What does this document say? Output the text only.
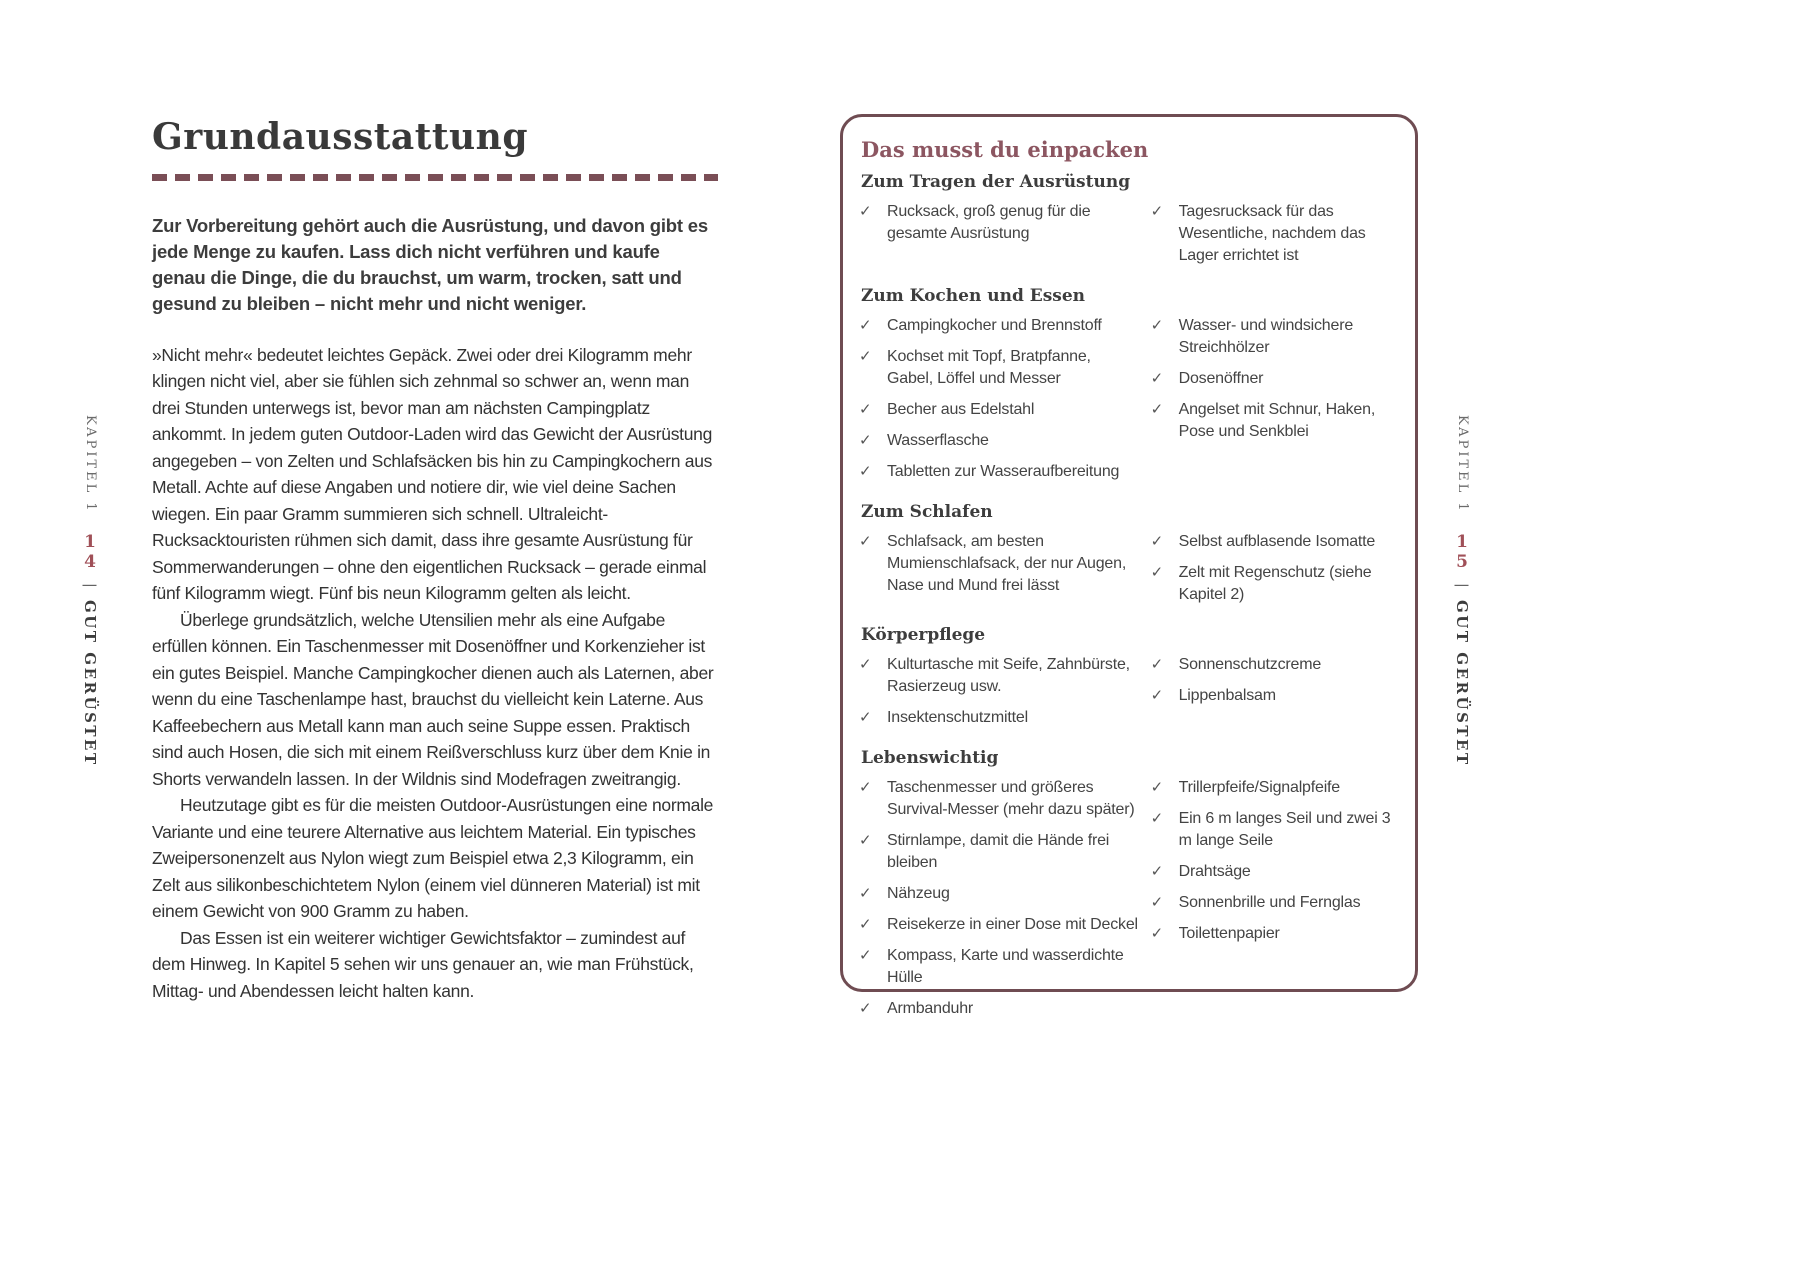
KAPITEL 1 14 | GUT GERÜSTET
Grundausstattung
Zur Vorbereitung gehört auch die Ausrüstung, und davon gibt es jede Menge zu kaufen. Lass dich nicht verführen und kaufe genau die Dinge, die du brauchst, um warm, trocken, satt und gesund zu bleiben – nicht mehr und nicht weniger.

»Nicht mehr« bedeutet leichtes Gepäck. Zwei oder drei Kilogramm mehr klingen nicht viel, aber sie fühlen sich zehnmal so schwer an, wenn man drei Stunden unterwegs ist, bevor man am nächsten Campingplatz ankommt. In jedem guten Outdoor-Laden wird das Gewicht der Ausrüstung angegeben – von Zelten und Schlafsäcken bis hin zu Campingkochern aus Metall. Achte auf diese Angaben und notiere dir, wie viel deine Sachen wiegen. Ein paar Gramm summieren sich schnell. Ultraleicht-Rucksacktouristen rühmen sich damit, dass ihre gesamte Ausrüstung für Sommerwanderungen – ohne den eigentlichen Rucksack – gerade einmal fünf Kilogramm wiegt. Fünf bis neun Kilogramm gelten als leicht.

Überlege grundsätzlich, welche Utensilien mehr als eine Aufgabe erfüllen können. Ein Taschenmesser mit Dosenöffner und Korkenzieher ist ein gutes Beispiel. Manche Campingkocher dienen auch als Laternen, aber wenn du eine Taschenlampe hast, brauchst du vielleicht kein Laterne. Aus Kaffeebechern aus Metall kann man auch seine Suppe essen. Praktisch sind auch Hosen, die sich mit einem Reißverschluss kurz über dem Knie in Shorts verwandeln lassen. In der Wildnis sind Modefragen zweitrangig.

Heutzutage gibt es für die meisten Outdoor-Ausrüstungen eine normale Variante und eine teurere Alternative aus leichtem Material. Ein typisches Zweipersonenzelt aus Nylon wiegt zum Beispiel etwa 2,3 Kilogramm, ein Zelt aus silikonbeschichtetem Nylon (einem viel dünneren Material) ist mit einem Gewicht von 900 Gramm zu haben.

Das Essen ist ein weiterer wichtiger Gewichtsfaktor – zumindest auf dem Hinweg. In Kapitel 5 sehen wir uns genauer an, wie man Frühstück, Mittag- und Abendessen leicht halten kann.

Das musst du einpacken
Zum Tragen der Ausrüstung
✓ Rucksack, groß genug für die gesamte Ausrüstung
✓ Tagesrucksack für das Wesentliche, nachdem das Lager errichtet ist
Zum Kochen und Essen
✓ Campingkocher und Brennstoff
✓ Kochset mit Topf, Bratpfanne, Gabel, Löffel und Messer
✓ Becher aus Edelstahl
✓ Wasserflasche
✓ Tabletten zur Wasseraufbereitung
✓ Wasser- und windsichere Streichhölzer
✓ Dosenöffner
✓ Angelset mit Schnur, Haken, Pose und Senkblei
Zum Schlafen
✓ Schlafsack, am besten Mumienschlafsack, der nur Augen, Nase und Mund frei lässt
✓ Selbst aufblasende Isomatte
✓ Zelt mit Regenschutz (siehe Kapitel 2)
Körperpflege
✓ Kulturtasche mit Seife, Zahnbürste, Rasierzeug usw.
✓ Insektenschutzmittel
✓ Sonnenschutzcreme
✓ Lippenbalsam
Lebenswichtig
✓ Taschenmesser und größeres Survival-Messer (mehr dazu später)
✓ Stirnlampe, damit die Hände frei bleiben
✓ Nähzeug
✓ Reisekerze in einer Dose mit Deckel
✓ Kompass, Karte und wasserdichte Hülle
✓ Armbanduhr
✓ Trillerpfeife/Signalpfeife
✓ Ein 6 m langes Seil und zwei 3 m lange Seile
✓ Drahtsäge
✓ Sonnenbrille und Fernglas
✓ Toilettenpapier
KAPITEL 1 15 | GUT GERÜSTET
